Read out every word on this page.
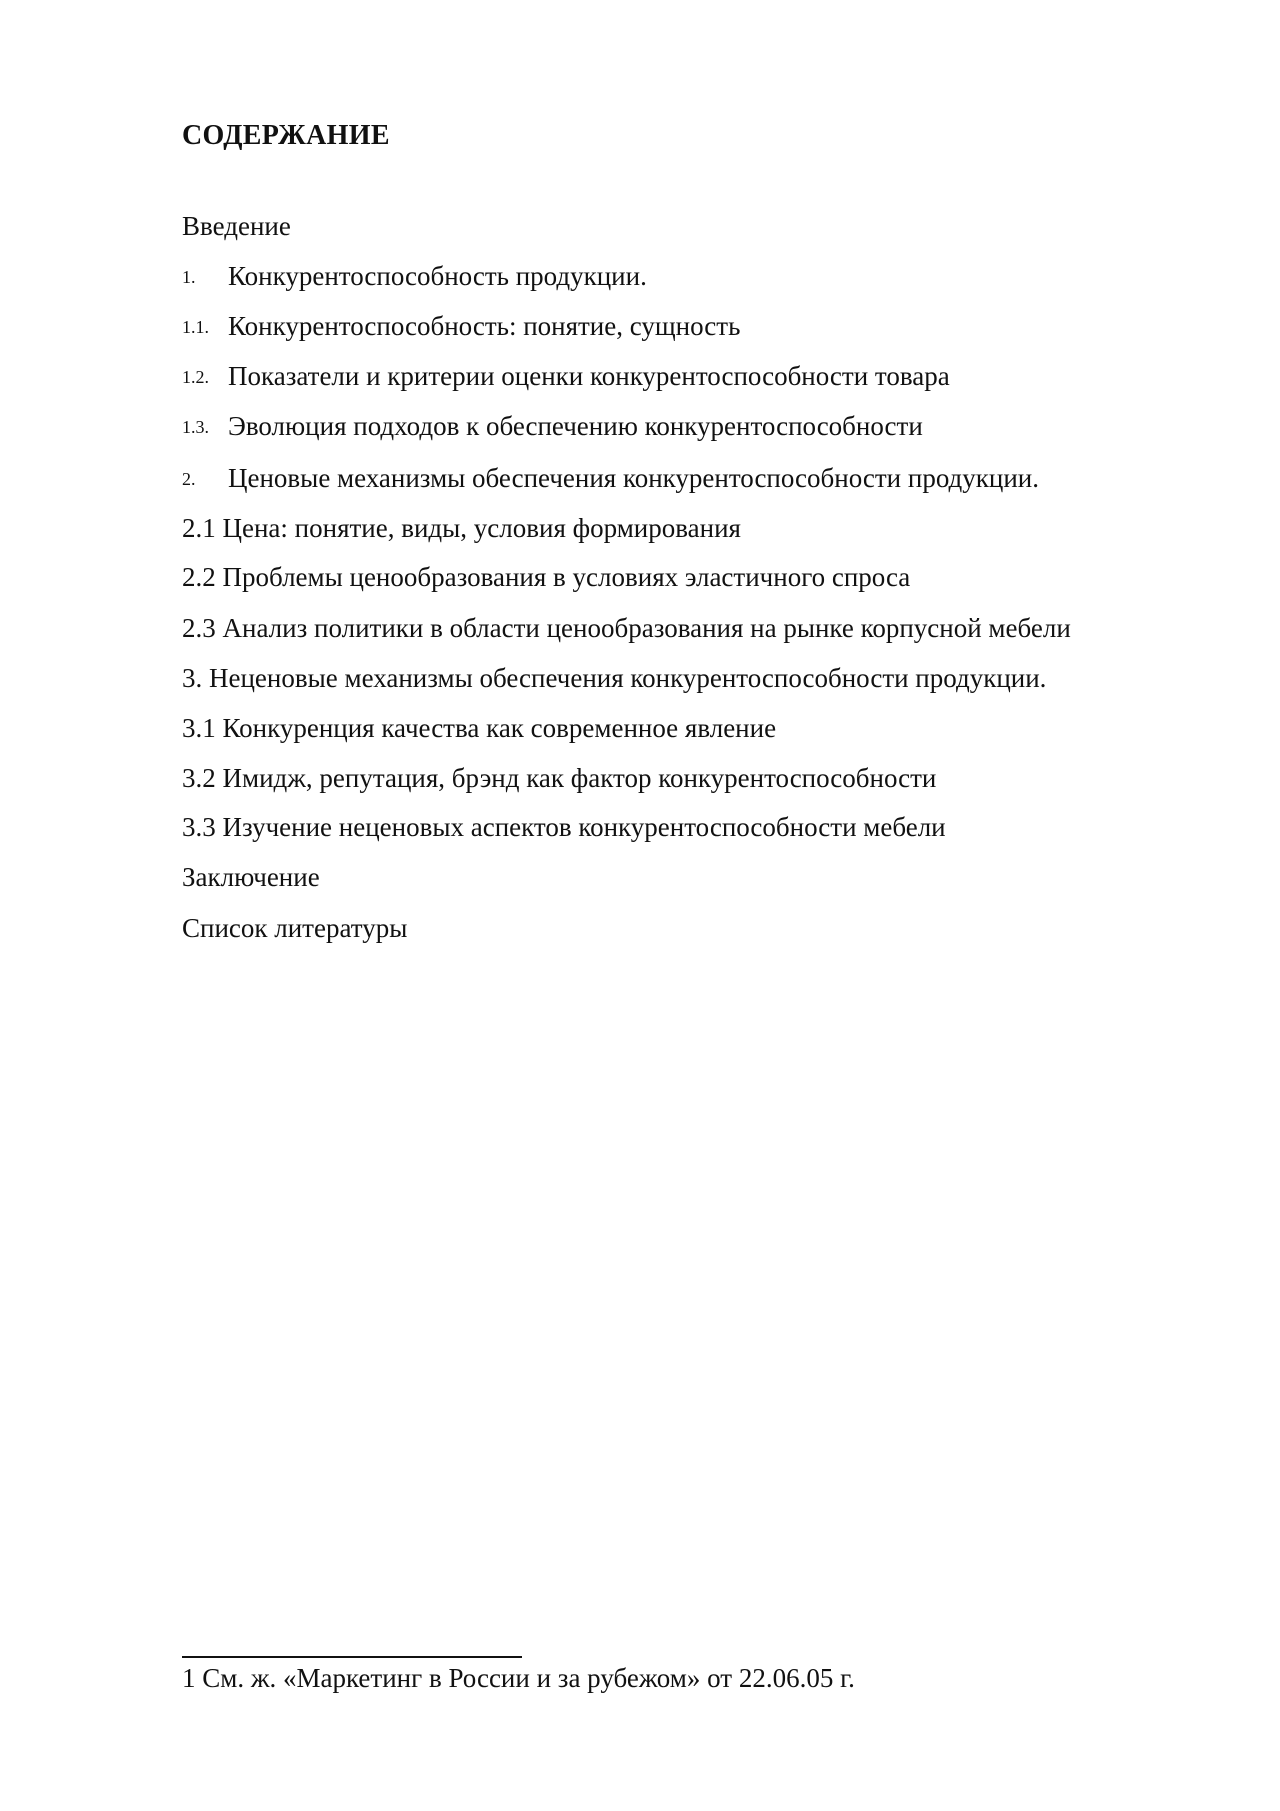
СОДЕРЖАНИЕ
Введение
1. Конкурентоспособность продукции.
1.1. Конкурентоспособность: понятие, сущность
1.2. Показатели и критерии оценки конкурентоспособности товара
1.3. Эволюция подходов к обеспечению конкурентоспособности
2. Ценовые механизмы обеспечения конкурентоспособности продукции.
2.1 Цена: понятие, виды, условия формирования
2.2 Проблемы ценообразования в условиях эластичного спроса
2.3 Анализ политики в области ценообразования на рынке корпусной мебели
3. Неценовые механизмы обеспечения конкурентоспособности продукции.
3.1 Конкуренция качества как современное явление
3.2 Имидж, репутация, брэнд как фактор конкурентоспособности
3.3 Изучение неценовых аспектов конкурентоспособности мебели
Заключение
Список литературы
1 См. ж. «Маркетинг в России и за рубежом» от 22.06.05 г.
